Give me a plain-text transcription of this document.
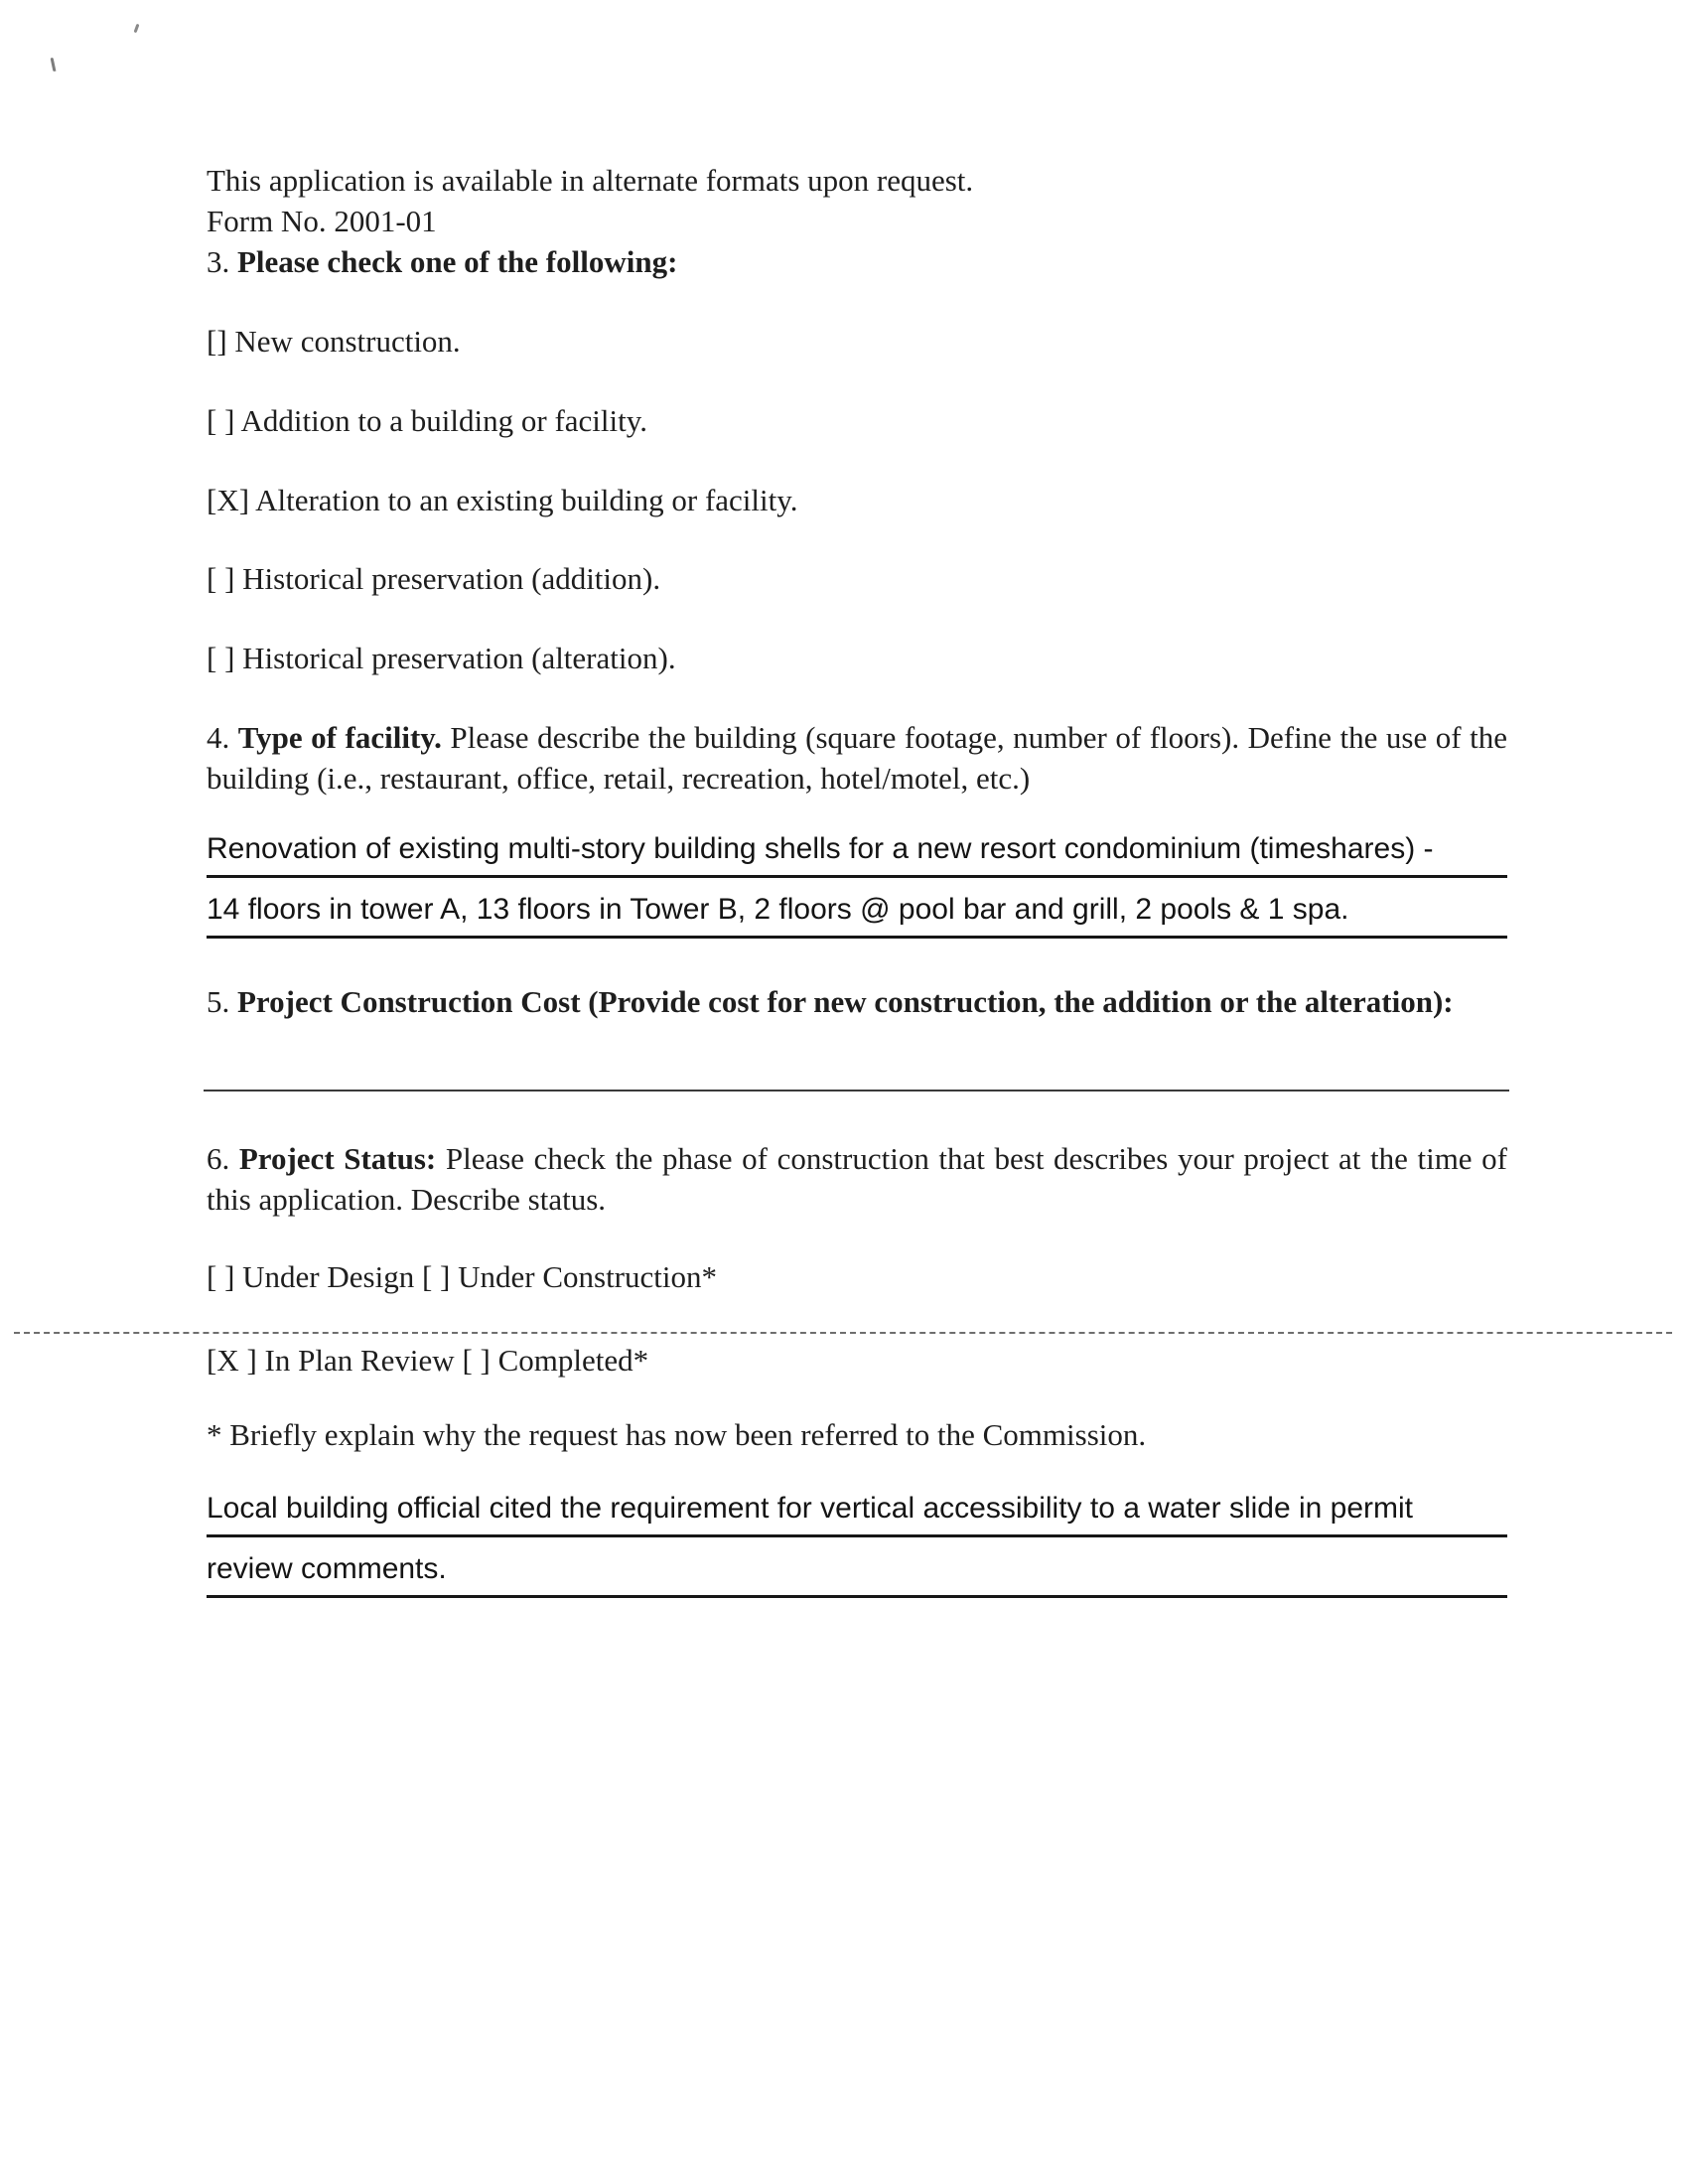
This application is available in alternate formats upon request.
Form No. 2001-01
3. Please check one of the following:
[] New construction.
[ ] Addition to a building or facility.
[X] Alteration to an existing building or facility.
[ ] Historical preservation (addition).
[ ] Historical preservation (alteration).
4. Type of facility. Please describe the building (square footage, number of floors). Define the use of the building (i.e., restaurant, office, retail, recreation, hotel/motel, etc.)
Renovation of existing multi-story building shells for a new resort condominium (timeshares) -
14 floors in tower A, 13 floors in Tower B, 2 floors @ pool bar and grill, 2 pools & 1 spa.
5. Project Construction Cost (Provide cost for new construction, the addition or the alteration):
6. Project Status: Please check the phase of construction that best describes your project at the time of this application. Describe status.
[ ] Under Design [ ] Under Construction*
[X ] In Plan Review [ ] Completed*
* Briefly explain why the request has now been referred to the Commission.
Local building official cited the requirement for vertical accessibility to a water slide in permit
review comments.
